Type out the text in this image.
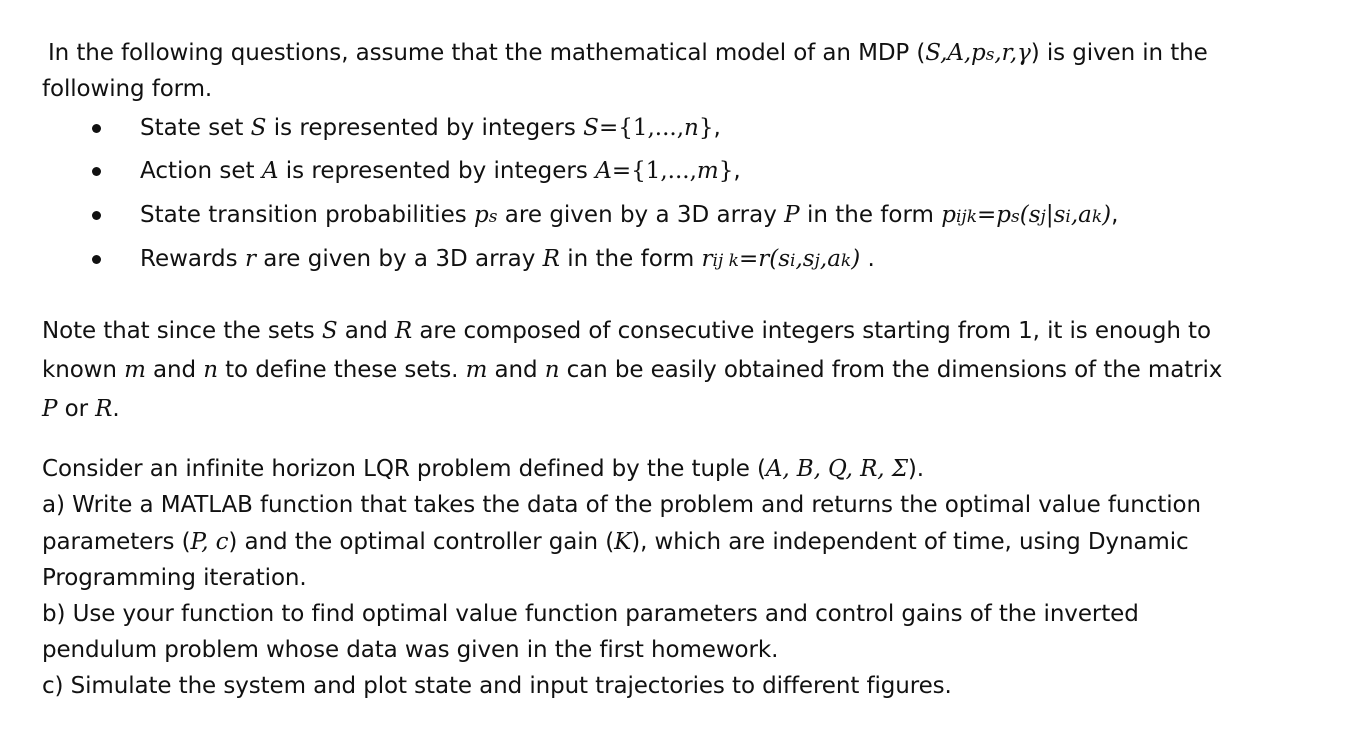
In the following questions, assume that the mathematical model of an MDP (S,A,ps,r,γ) is given in the
following form.
State set S is represented by integers S={1,...,n},
Action set A is represented by integers A={1,...,m},
State transition probabilities ps are given by a 3D array P in the form pijk=ps(sj|si,ak),
Rewards r are given by a 3D array R in the form rij k=r(si,sj,ak) .
Note that since the sets S and R are composed of consecutive integers starting from 1, it is enough to
known m and n to define these sets. m and n can be easily obtained from the dimensions of the matrix
P or R.
Consider an infinite horizon LQR problem defined by the tuple (A, B, Q, R, Σ).
a) Write a MATLAB function that takes the data of the problem and returns the optimal value function
parameters (P, c) and the optimal controller gain (K), which are independent of time, using Dynamic
Programming iteration.
b) Use your function to find optimal value function parameters and control gains of the inverted
pendulum problem whose data was given in the first homework.
c) Simulate the system and plot state and input trajectories to different figures.
